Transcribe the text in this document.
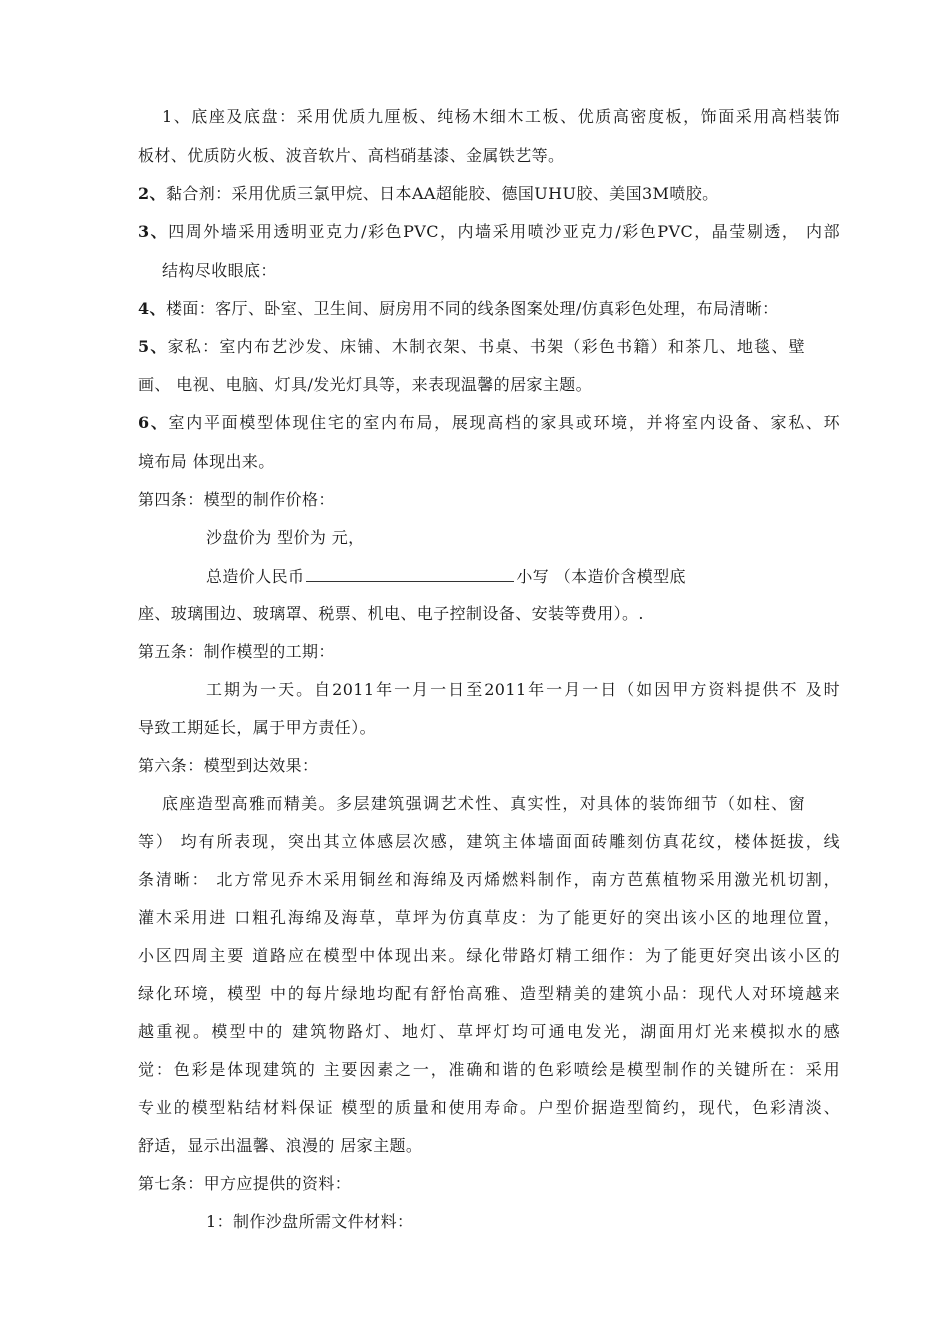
1、底座及底盘：采用优质九厘板、纯杨木细木工板、优质高密度板，饰面采用高档装饰
板材、优质防火板、波音软片、高档硝基漆、金属铁艺等。
2、黏合剂：采用优质三氯甲烷、日本AA超能胶、德国UHU胶、美国3M喷胶。
3、四周外墙采用透明亚克力/彩色PVC，内墙采用喷沙亚克力/彩色PVC，晶莹剔透， 内部
结构尽收眼底：
4、楼面：客厅、卧室、卫生间、厨房用不同的线条图案处理/仿真彩色处理，布局清晰：
5、家私：室内布艺沙发、床铺、木制衣架、书桌、书架（彩色书籍）和茶几、地毯、壁
画、 电视、电脑、灯具/发光灯具等，来表现温馨的居家主题。
6、室内平面模型体现住宅的室内布局，展现高档的家具或环境，并将室内设备、家私、环
境布局 体现出来。
第四条：模型的制作价格：
沙盘价为 型价为 元，
总造价人民币	小写 （本造价含模型底
座、玻璃围边、玻璃罩、税票、机电、电子控制设备、安装等费用）。.
第五条：制作模型的工期：
工期为一天。自2011年一月一日至2011年一月一日（如因甲方资料提供不 及时
导致工期延长，属于甲方责任）。
第六条：模型到达效果：
底座造型高雅而精美。多层建筑强调艺术性、真实性，对具体的装饰细节（如柱、窗
等） 均有所表现，突出其立体感层次感，建筑主体墙面面砖雕刻仿真花纹，楼体挺拔，线
条清晰： 北方常见乔木采用铜丝和海绵及丙烯燃料制作，南方芭蕉植物采用激光机切割，
灌木采用进 口粗孔海绵及海草，草坪为仿真草皮：为了能更好的突出该小区的地理位置，
小区四周主要 道路应在模型中体现出来。绿化带路灯精工细作：为了能更好突出该小区的
绿化环境，模型 中的每片绿地均配有舒怡高雅、造型精美的建筑小品：现代人对环境越来
越重视。模型中的 建筑物路灯、地灯、草坪灯均可通电发光，湖面用灯光来模拟水的感
觉：色彩是体现建筑的 主要因素之一，准确和谐的色彩喷绘是模型制作的关键所在：采用
专业的模型粘结材料保证 模型的质量和使用寿命。户型价据造型简约，现代，色彩清淡、
舒适，显示出温馨、浪漫的 居家主题。
第七条：甲方应提供的资料：
1：制作沙盘所需文件材料：
